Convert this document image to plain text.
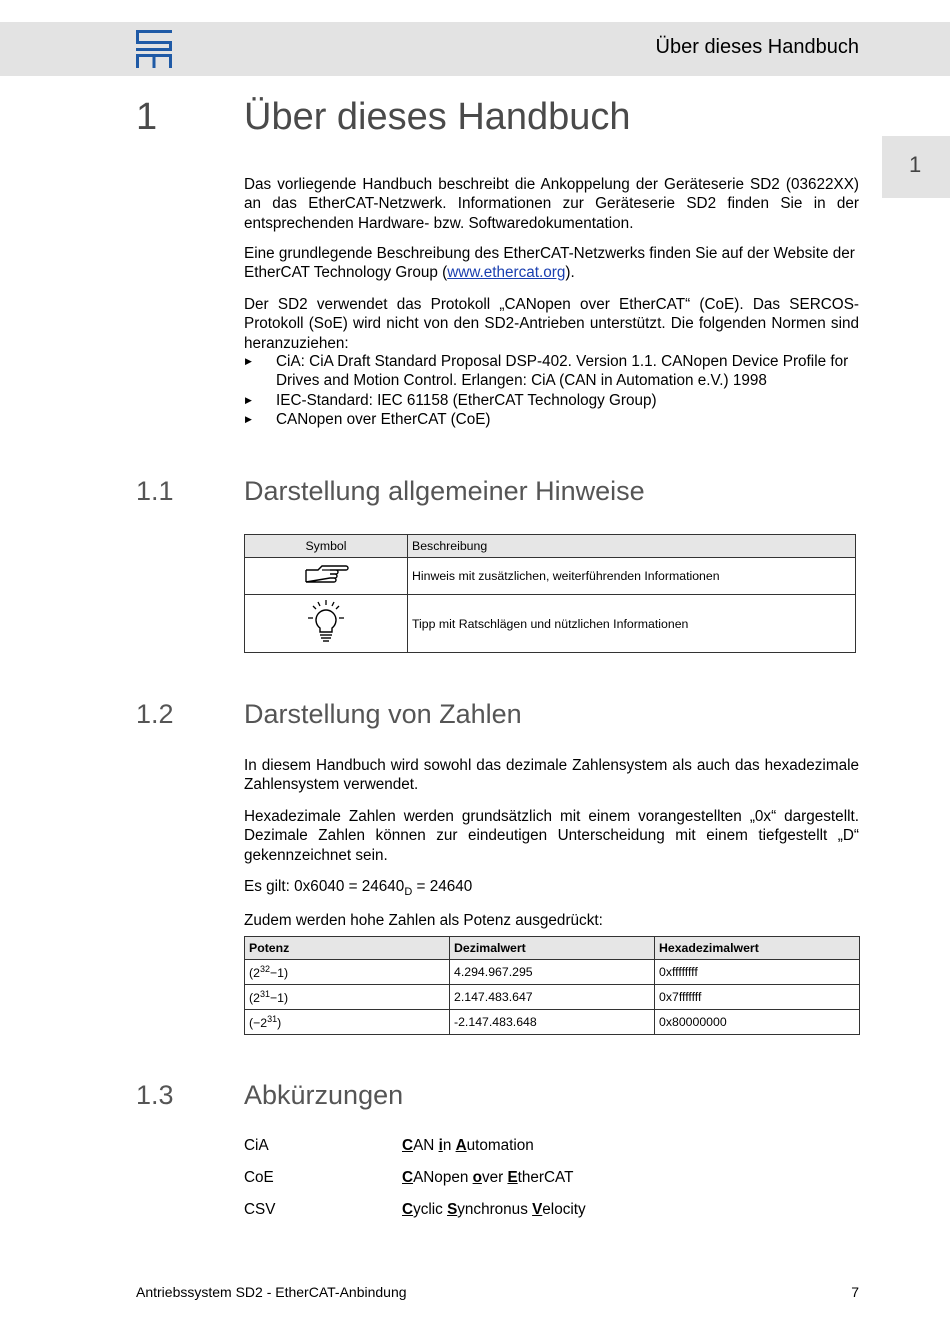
Über dieses Handbuch
1
1 Über dieses Handbuch
Das vorliegende Handbuch beschreibt die Ankoppelung der Geräteserie SD2 (03622XX) an das EtherCAT-Netzwerk. Informationen zur Geräteserie SD2 finden Sie in der entsprechenden Hardware- bzw. Softwaredokumentation.
Eine grundlegende Beschreibung des EtherCAT-Netzwerks finden Sie auf der Website der EtherCAT Technology Group (www.ethercat.org).
Der SD2 verwendet das Protokoll „CANopen over EtherCAT“ (CoE). Das SERCOS-Protokoll (SoE) wird nicht von den SD2-Antrieben unterstützt. Die folgenden Normen sind heranzuziehen:
▶ CiA: CiA Draft Standard Proposal DSP-402. Version 1.1. CANopen Device Profile for Drives and Motion Control. Erlangen: CiA (CAN in Automation e.V.) 1998
▶ IEC-Standard: IEC 61158 (EtherCAT Technology Group)
▶ CANopen over EtherCAT (CoE)
1.1	Darstellung allgemeiner Hinweise
Symbol	Beschreibung
	Hinweis mit zusätzlichen, weiterführenden Informationen
	Tipp mit Ratschlägen und nützlichen Informationen
1.2	Darstellung von Zahlen
In diesem Handbuch wird sowohl das dezimale Zahlensystem als auch das hexadezimale Zahlensystem verwendet.
Hexadezimale Zahlen werden grundsätzlich mit einem vorangestellten „0x“ dargestellt. Dezimale Zahlen können zur eindeutigen Unterscheidung mit einem tiefgestellt „D“ gekennzeichnet sein.
Es gilt: $0x6040 = 24640_D = 24640$
Zudem werden hohe Zahlen als Potenz ausgedrückt:
Potenz	Dezimalwert	Hexadezimalwert
$(2^{32}-1)$	4.294.967.295	0xffffffff
$(2^{31}-1)$	2.147.483.647	0x7fffffff
$(-2^{31})$	-2.147.483.648	0x80000000
1.3	Abkürzungen
CiA	CAN in Automation
CoE	CANopen over EtherCAT
CSV	Cyclic Synchronus Velocity
Antriebssystem SD2 - EtherCAT-Anbindung	7
